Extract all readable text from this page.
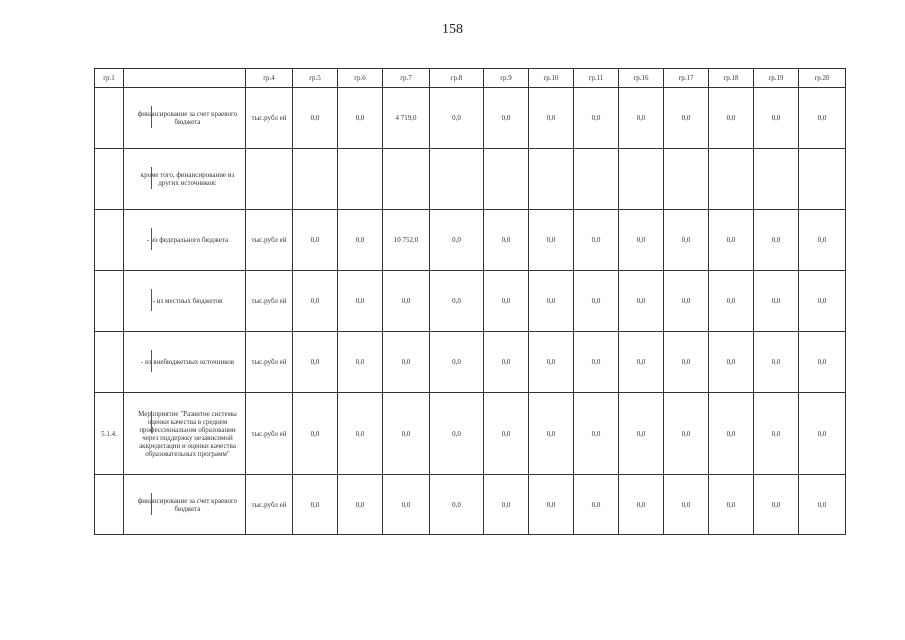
158
гр.1		гр.4	гр.5	гр.6	гр.7	гр.8	гр.9	гр.10	гр.11	гр.16	гр.17	гр.18	гр.19	гр.20

	финансирование за счет краевого бюджета	тыс.рубл ей	0,0	0,0	4 719,0	0,0	0,0	0,0	0,0	0,0	0,0	0,0	0,0	0,0

	кроме того, финансирование из других источников:													

	- из федерального бюджета	тыс.рубл ей	0,0	0,0	10 752,0	0,0	0,0	0,0	0,0	0,0	0,0	0,0	0,0	0,0

	- из местных бюджетов	тыс.рубл ей	0,0	0,0	0,0	0,0	0,0	0,0	0,0	0,0	0,0	0,0	0,0	0,0

	- из внебюджетных источников	тыс.рубл ей	0,0	0,0	0,0	0,0	0,0	0,0	0,0	0,0	0,0	0,0	0,0	0,0
5.1.4.	Мероприятие "Развитие системы оценки качества в среднем профессиональном образовании через поддержку независимой аккредитации и оценки качества образовательных программ"	тыс.рубл ей	0,0	0,0	0,0	0,0	0,0	0,0	0,0	0,0	0,0	0,0	0,0	0,0

	финансирование за счет краевого бюджета	тыс.рубл ей	0,0	0,0	0,0	0,0	0,0	0,0	0,0	0,0	0,0	0,0	0,0	0,0
